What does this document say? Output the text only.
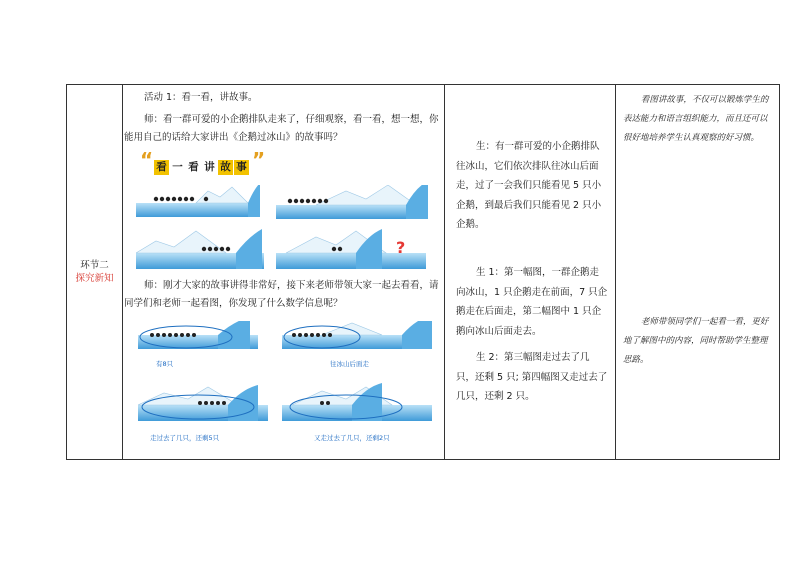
环节二
探究新知

活动 1：看一看，讲故事。

师：看一群可爱的小企鹅排队走来了，仔细观察，看一看，想一想，你能用自己的话给大家讲出《企鹅过冰山》的故事吗？

“ 看 一 看 讲 故 事 ”
?

师：刚才大家的故事讲得非常好，接下来老师带领大家一起去看看，请同学们和老师一起看图，你发现了什么数学信息呢？

有8只	往冰山后面走
走过去了几只，还剩5只	又走过去了几只，还剩2只

生：有一群可爱的小企鹅排队往冰山，它们依次排队往冰山后面走，过了一会我们只能看见 5 只小企鹅，到最后我们只能看见 2 只小企鹅。

生 1：第一幅图，一群企鹅走向冰山，1 只企鹅走在前面，7 只企鹅走在后面走，第二幅图中 1 只企鹅向冰山后面走去。

生 2：第三幅图走过去了几只，还剩 5 只; 第四幅图又走过去了几只，还剩 2 只。

看图讲故事，不仅可以锻炼学生的表达能力和语言组织能力，而且还可以很好地培养学生认真观察的好习惯。

老师带领同学们一起看一看，更好地了解图中的内容，同时帮助学生整理思路。
